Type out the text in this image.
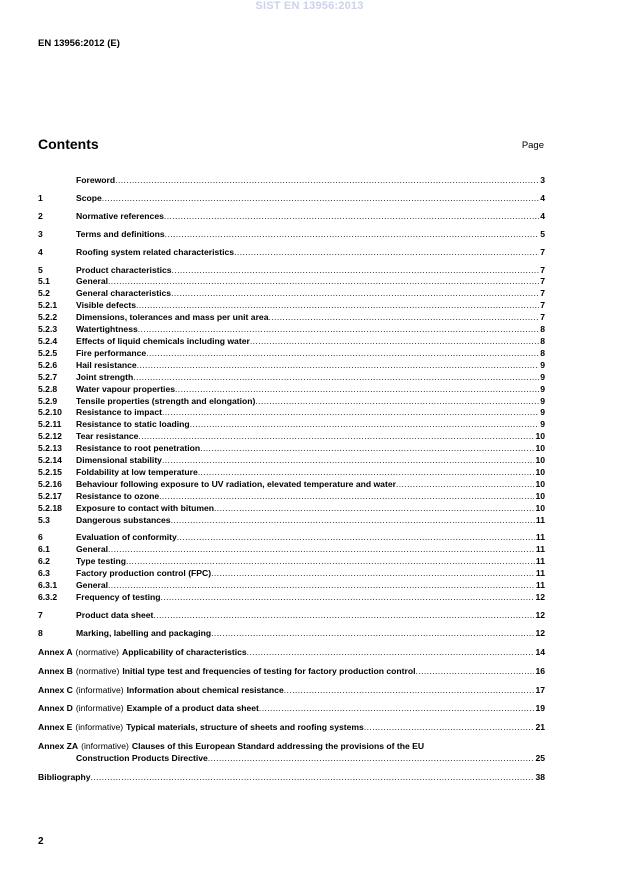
SIST EN 13956:2013
EN 13956:2012 (E)
Contents	Page
Foreword .....	3
1	Scope .....	4
2	Normative references .....	4
3	Terms and definitions .....	5
4	Roofing system related characteristics .....	7
5	Product characteristics .....	7
5.1	General .....	7
5.2	General characteristics .....	7
5.2.1	Visible defects .....	7
5.2.2	Dimensions, tolerances and mass per unit area .....	7
5.2.3	Watertightness .....	8
5.2.4	Effects of liquid chemicals including water .....	8
5.2.5	Fire performance .....	8
5.2.6	Hail resistance .....	9
5.2.7	Joint strength .....	9
5.2.8	Water vapour properties .....	9
5.2.9	Tensile properties (strength and elongation) .....	9
5.2.10	Resistance to impact .....	9
5.2.11	Resistance to static loading .....	9
5.2.12	Tear resistance .....	10
5.2.13	Resistance to root penetration .....	10
5.2.14	Dimensional stability .....	10
5.2.15	Foldability at low temperature .....	10
5.2.16	Behaviour following exposure to UV radiation, elevated temperature and water .....	10
5.2.17	Resistance to ozone .....	10
5.2.18	Exposure to contact with bitumen .....	10
5.3	Dangerous substances .....	11
6	Evaluation of conformity .....	11
6.1	General .....	11
6.2	Type testing .....	11
6.3	Factory production control (FPC) .....	11
6.3.1	General .....	11
6.3.2	Frequency of testing .....	12
7	Product data sheet .....	12
8	Marking, labelling and packaging .....	12
Annex A (normative) Applicability of characteristics .....	14
Annex B (normative) Initial type test and frequencies of testing for factory production control .....	16
Annex C (informative) Information about chemical resistance .....	17
Annex D (informative) Example of a product data sheet .....	19
Annex E (informative) Typical materials, structure of sheets and roofing systems .....	21
Annex ZA (informative) Clauses of this European Standard addressing the provisions of the EU
Construction Products Directive .....	25
Bibliography .....	38
2
